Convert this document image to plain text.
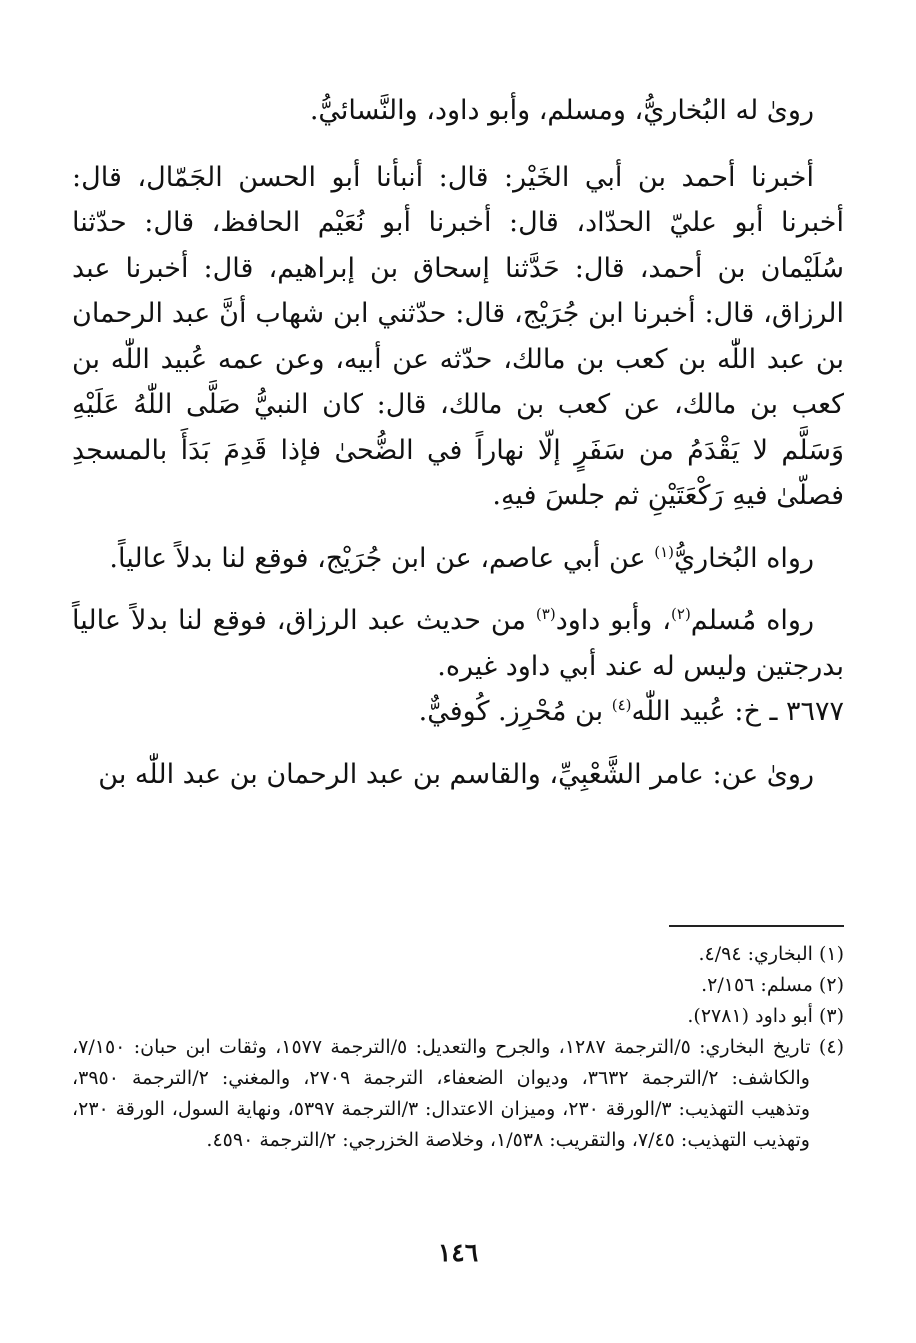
روىٰ له البُخاريُّ، ومسلم، وأبو داود، والنَّسائيُّ.

أخبرنا أحمد بن أبي الخَيْر: قال: أنبأنا أبو الحسن الجَمّال، قال: أخبرنا أبو عليّ الحدّاد، قال: أخبرنا أبو نُعَيْم الحافظ، قال: حدّثنا سُلَيْمان بن أحمد، قال: حَدَّثنا إسحاق بن إبراهيم، قال: أخبرنا عبد الرزاق، قال: أخبرنا ابن جُرَيْج، قال: حدّثني ابن شهاب أنَّ عبد الرحمان بن عبد اللّٰه بن كعب بن مالك، حدّثه عن أبيه، وعن عمه عُبيد اللّٰه بن كعب بن مالك، عن كعب بن مالك، قال: كان النبيُّ صَلَّى اللّٰهُ عَلَيْهِ وَسَلَّم لا يَقْدَمُ من سَفَرٍ إلّا نهاراً في الضُّحىٰ فإذا قَدِمَ بَدَأَ بالمسجدِ فصلّىٰ فيهِ رَكْعَتَيْنِ ثم جلسَ فيهِ.

رواه البُخاريُّ$^{(١)}$ عن أبي عاصم، عن ابن جُرَيْج، فوقع لنا بدلاً عالياً.

رواه مُسلم$^{(٢)}$، وأبو داود$^{(٣)}$ من حديث عبد الرزاق، فوقع لنا بدلاً عالياً بدرجتين وليس له عند أبي داود غيره.

٣٦٧٧ ـ خ: عُبيد اللّٰه$^{(٤)}$ بن مُحْرِز. كُوفيٌّ.

روىٰ عن: عامر الشَّعْبِيِّ، والقاسم بن عبد الرحمان بن عبد اللّٰه بن

(١) البخاري: ٤/٩٤.

(٢) مسلم: ٢/١٥٦.

(٣) أبو داود (٢٧٨١).

(٤) تاريخ البخاري: ٥/الترجمة ١٢٨٧، والجرح والتعديل: ٥/الترجمة ١٥٧٧، وثقات ابن حبان: ٧/١٥٠، والكاشف: ٢/الترجمة ٣٦٣٢، وديوان الضعفاء، الترجمة ٢٧٠٩، والمغني: ٢/الترجمة ٣٩٥٠، وتذهيب التهذيب: ٣/الورقة ٢٣٠، وميزان الاعتدال: ٣/الترجمة ٥٣٩٧، ونهاية السول، الورقة ٢٣٠، وتهذيب التهذيب: ٧/٤٥، والتقريب: ١/٥٣٨، وخلاصة الخزرجي: ٢/الترجمة ٤٥٩٠.

١٤٦
